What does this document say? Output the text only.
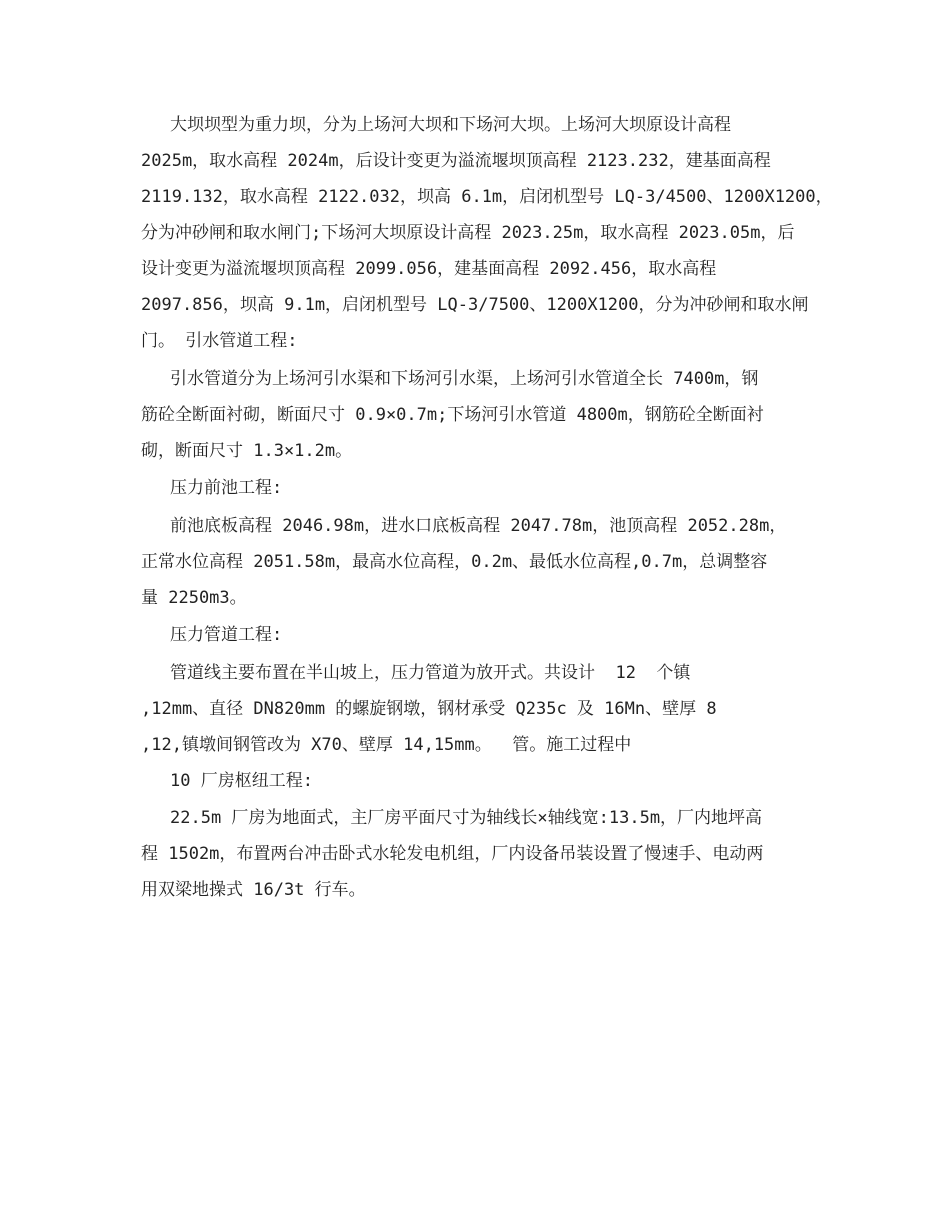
大坝坝型为重力坝，分为上场河大坝和下场河大坝。上场河大坝原设计高程
2025m，取水高程 2024m，后设计变更为溢流堰坝顶高程 2123.232，建基面高程
2119.132，取水高程 2122.032，坝高 6.1m，启闭机型号 LQ-3/4500、1200X1200，
分为冲砂闸和取水闸门;下场河大坝原设计高程 2023.25m，取水高程 2023.05m，后
设计变更为溢流堰坝顶高程 2099.056，建基面高程 2092.456，取水高程
2097.856，坝高 9.1m，启闭机型号 LQ-3/7500、1200X1200，分为冲砂闸和取水闸
门。 引水管道工程:
引水管道分为上场河引水渠和下场河引水渠，上场河引水管道全长 7400m，钢
筋砼全断面衬砌，断面尺寸 0.9×0.7m;下场河引水管道 4800m，钢筋砼全断面衬
砌，断面尺寸 1.3×1.2m。
压力前池工程:
前池底板高程 2046.98m，进水口底板高程 2047.78m，池顶高程 2052.28m，
正常水位高程 2051.58m，最高水位高程，0.2m、最低水位高程,0.7m，总调整容
量 2250m3。
压力管道工程:
管道线主要布置在半山坡上，压力管道为放开式。共设计  12  个镇
,12mm、直径 DN820mm 的螺旋钢墩，钢材承受 Q235c 及 16Mn、壁厚 8
,12,镇墩间钢管改为 X70、壁厚 14,15mm。  管。施工过程中
10 厂房枢纽工程:
22.5m 厂房为地面式，主厂房平面尺寸为轴线长×轴线宽:13.5m，厂内地坪高
程 1502m，布置两台冲击卧式水轮发电机组，厂内设备吊装设置了慢速手、电动两
用双梁地操式 16/3t 行车。
